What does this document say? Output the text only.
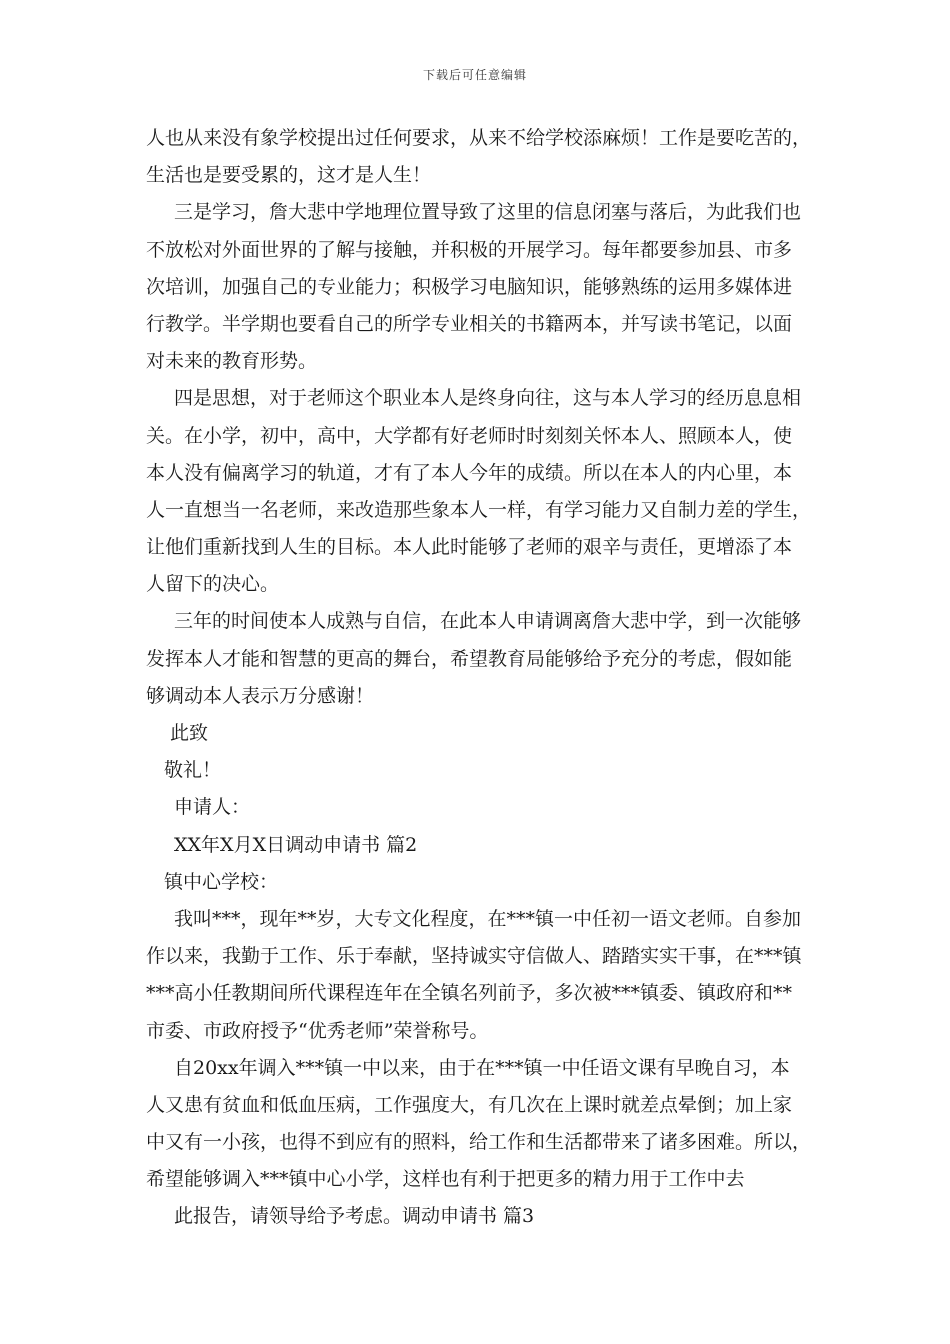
下载后可任意编辑
人也从来没有象学校提出过任何要求，从来不给学校添麻烦！工作是要吃苦的，
生活也是要受累的，这才是人生！
三是学习，詹大悲中学地理位置导致了这里的信息闭塞与落后，为此我们也
不放松对外面世界的了解与接触，并积极的开展学习。每年都要参加县、市多
次培训，加强自己的专业能力；积极学习电脑知识，能够熟练的运用多媒体进
行教学。半学期也要看自己的所学专业相关的书籍两本，并写读书笔记，以面
对未来的教育形势。
四是思想，对于老师这个职业本人是终身向往，这与本人学习的经历息息相
关。在小学，初中，高中，大学都有好老师时时刻刻关怀本人、照顾本人，使
本人没有偏离学习的轨道，才有了本人今年的成绩。所以在本人的内心里，本
人一直想当一名老师，来改造那些象本人一样，有学习能力又自制力差的学生，
让他们重新找到人生的目标。本人此时能够了老师的艰辛与责任，更增添了本
人留下的决心。
三年的时间使本人成熟与自信，在此本人申请调离詹大悲中学，到一次能够
发挥本人才能和智慧的更高的舞台，希望教育局能够给予充分的考虑，假如能
够调动本人表示万分感谢！
此致
敬礼！
申请人：
XX年X月X日调动申请书 篇2
镇中心学校：
我叫***，现年**岁，大专文化程度，在***镇一中任初一语文老师。自参加
作以来，我勤于工作、乐于奉献，坚持诚实守信做人、踏踏实实干事，在***镇
***高小任教期间所代课程连年在全镇名列前予，多次被***镇委、镇政府和**
市委、市政府授予“优秀老师”荣誉称号。
自20xx年调入***镇一中以来，由于在***镇一中任语文课有早晚自习，本
人又患有贫血和低血压病，工作强度大，有几次在上课时就差点晕倒；加上家
中又有一小孩，也得不到应有的照料，给工作和生活都带来了诸多困难。所以，
希望能够调入***镇中心小学，这样也有利于把更多的精力用于工作中去
此报告，请领导给予考虑。调动申请书 篇3
